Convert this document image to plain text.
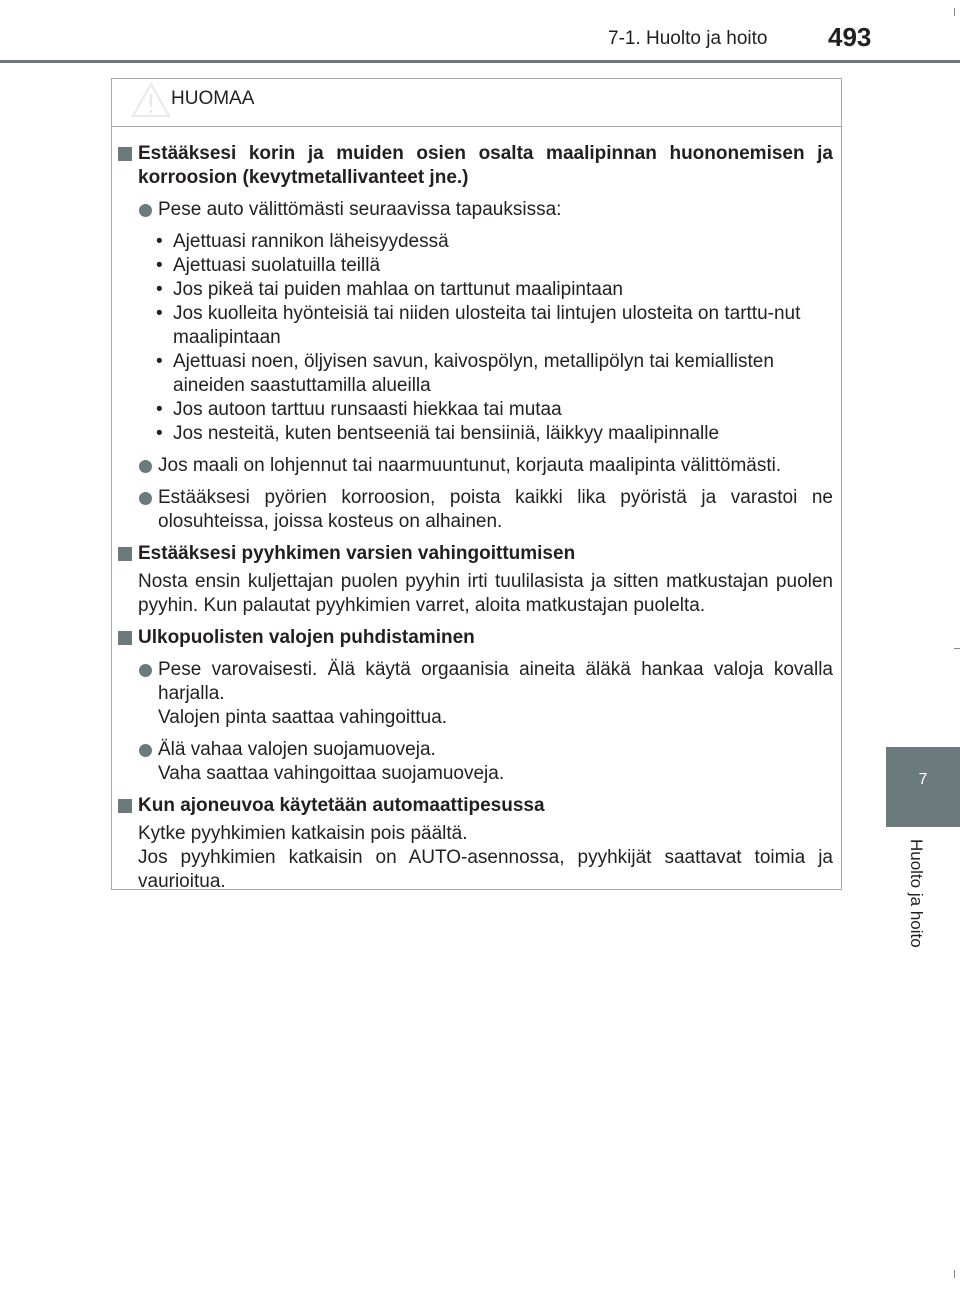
7-1. Huolto ja hoito 493
7
Huolto ja hoito
HUOMAA
Estääksesi korin ja muiden osien osalta maalipinnan huononemisen ja korroosion (kevytmetallivanteet jne.)
Pese auto välittömästi seuraavissa tapauksissa:
• Ajettuasi rannikon läheisyydessä
• Ajettuasi suolatuilla teillä
• Jos pikeä tai puiden mahlaa on tarttunut maalipintaan
• Jos kuolleita hyönteisiä tai niiden ulosteita tai lintujen ulosteita on tarttu-nut maalipintaan
• Ajettuasi noen, öljyisen savun, kaivospölyn, metallipölyn tai kemiallisten aineiden saastuttamilla alueilla
• Jos autoon tarttuu runsaasti hiekkaa tai mutaa
• Jos nesteitä, kuten bentseeniä tai bensiiniä, läikkyy maalipinnalle
Jos maali on lohjennut tai naarmuuntunut, korjauta maalipinta välittömästi.
Estääksesi pyörien korroosion, poista kaikki lika pyöristä ja varastoi ne olosuhteissa, joissa kosteus on alhainen.
Estääksesi pyyhkimen varsien vahingoittumisen
Nosta ensin kuljettajan puolen pyyhin irti tuulilasista ja sitten matkustajan puolen pyyhin. Kun palautat pyyhkimien varret, aloita matkustajan puolelta.
Ulkopuolisten valojen puhdistaminen
Pese varovaisesti. Älä käytä orgaanisia aineita äläkä hankaa valoja kovalla harjalla.
Valojen pinta saattaa vahingoittua.
Älä vahaa valojen suojamuoveja.
Vaha saattaa vahingoittaa suojamuoveja.
Kun ajoneuvoa käytetään automaattipesussa
Kytke pyyhkimien katkaisin pois päältä.
Jos pyyhkimien katkaisin on AUTO-asennossa, pyyhkijät saattavat toimia ja vaurioitua.
